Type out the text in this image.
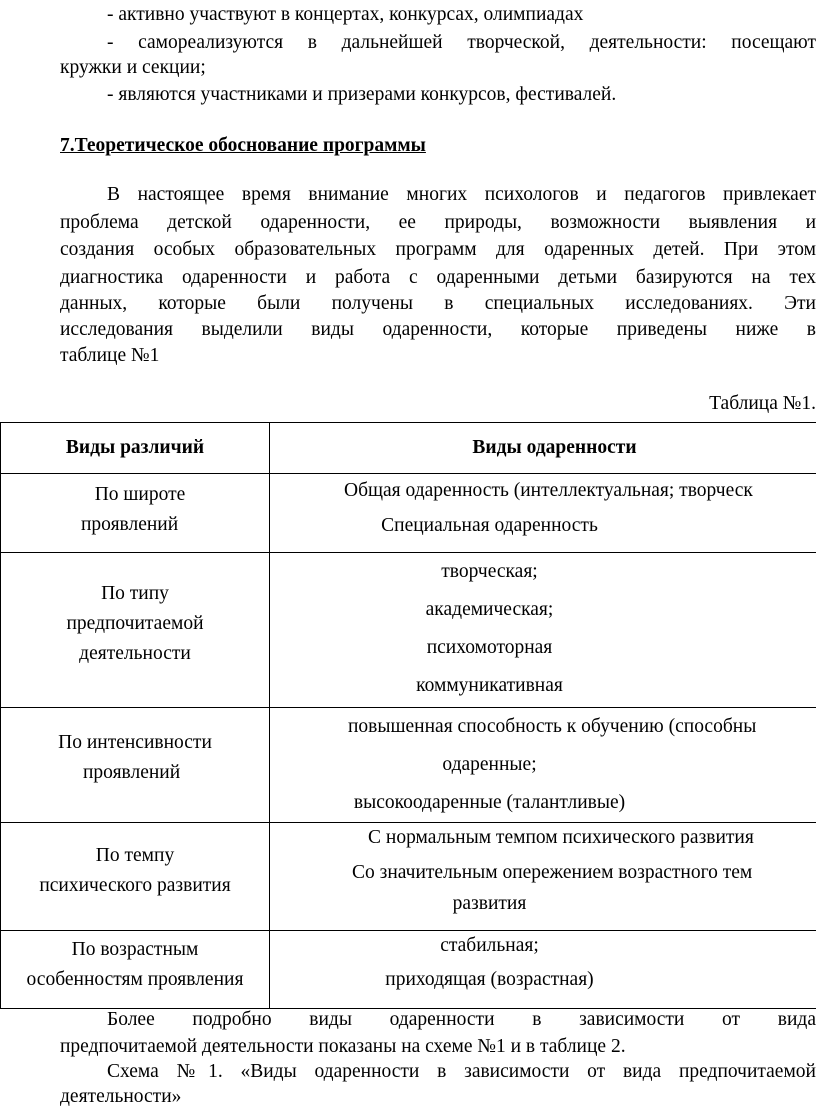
- активно участвуют в концертах, конкурсах, олимпиадах
- самореализуются в дальнейшей творческой, деятельности: посещают
кружки и секции;
- являются участниками и призерами конкурсов, фестивалей.
7.Теоретическое обоснование программы
В настоящее время внимание многих психологов и педагогов привлекает
проблема детской одаренности, ее природы, возможности выявления и
создания особых образовательных программ для одаренных детей. При этом
диагностика одаренности и работа с одаренными детьми базируются на тех
данных, которые были получены в специальных исследованиях. Эти
исследования выделили виды одаренности, которые приведены ниже в
таблице №1
Таблица №1.
Виды различий	Виды одаренности

По широте
проявлений	Общая одаренность (интеллектуальная; творческ
Специальная одаренность

По типу
предпочитаемой
деятельности	творческая;
академическая;
психомоторная
коммуникативная

По интенсивности
проявлений	повышенная способность к обучению (способны
одаренные;
высокоодаренные (талантливые)

По темпу
психического развития	С нормальным темпом психического развития
Со значительным опережением возрастного тем
развития

По возрастным
особенностям проявления	стабильная;
приходящая (возрастная)
Более подробно виды одаренности в зависимости от вида
предпочитаемой деятельности показаны на схеме №1 и в таблице 2.
Схема №1. «Виды одаренности в зависимости от вида предпочитаемой
деятельности»
